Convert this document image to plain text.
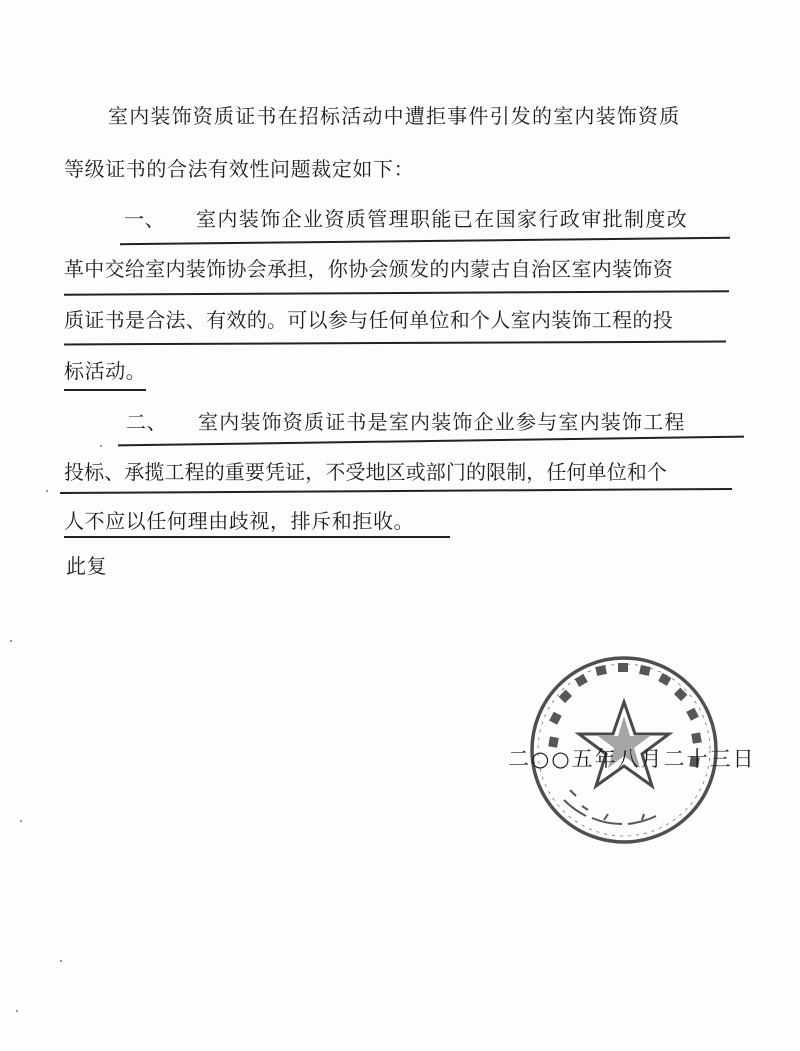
室内装饰资质证书在招标活动中遭拒事件引发的室内装饰资质
等级证书的合法有效性问题裁定如下：
一、 室内装饰企业资质管理职能已在国家行政审批制度改
革中交给室内装饰协会承担，你协会颁发的内蒙古自治区室内装饰资
质证书是合法、有效的。可以参与任何单位和个人室内装饰工程的投
标活动。
二、 室内装饰资质证书是室内装饰企业参与室内装饰工程
投标、承揽工程的重要凭证，不受地区或部门的限制，任何单位和个
人不应以任何理由歧视，排斥和拒收。
此复
二○○五年八月二十三日
